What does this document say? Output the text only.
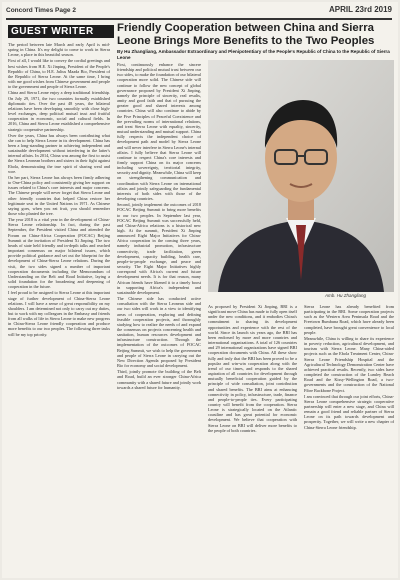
Concord Times Page 2	APRIL 23rd 2019
GUEST WRITER	Friendly Cooperation between China and Sierra Leone Brings More Benefits to the Two Peoples
By Hu Zhangliang, Ambassador Extraordinary and Plenipotentiary of the People's Republic of China to the Republic of Sierra Leone

The period between late March and early April is mid-spring in China. It's my delight to come to work in Sierra Leone, a place in this beautiful season.

First of all, I would like to convey the cordial greetings and best wishes from H.E. Xi Jinping, President of the People's Republic of China, to H.E. Julius Maada Bio, President of the Republic of Sierra Leone. At the same time, I bring with me good wishes from Chinese government and people to the government and people of Sierra Leone.

China and Sierra Leone enjoy a deep traditional friendship. On July 29, 1971, the two countries formally established diplomatic ties. Over the past 48 years, the bilateral relations have been developing smoothly with close high-level exchanges, deep political mutual trust and fruitful cooperation in economic, social and cultural fields. In 2016, China and Sierra Leone established a comprehensive strategic cooperative partnership.

Over the years, China has always been contributing what she can to help Sierra Leone in its development. China has been a long-standing partner in achieving independent and sustainable development without interfering in the latter's internal affairs. In 2014, China was among the first to assist the Sierra Leonean brothers and sisters in their fight against Ebola, demonstrating the true spirit of sharing weal and woe.

On her part, Sierra Leone has always been firmly adhering to One-China policy and consistently giving her support on issues related to China's core interests and major concerns. The Chinese people will never forget that Sierra Leone and other friendly countries that helped China restore her legitimate seat in the United Nations in 1971. As Chinese saying goes, when you eat fruit, you should remember those who planted the tree.

The year 2018 is a vital year in the development of China-Sierra Leone relationship. In fact, during the past September, the President visited China and attended the Forum on China-Africa Cooperation (FOCAC) Beijing Summit at the invitation of President Xi Jinping. The two heads of state held friendly and in-depth talks and reached important consensus on major bilateral issues, which provide political guidance and set out the blueprint for the development of China-Sierra Leone relations. During the visit, the two sides signed a number of important cooperation documents including the Memorandum of Understanding on the Belt and Road Initiative, laying a solid foundation for the broadening and deepening of cooperation in the future.

I feel proud to be assigned to Sierra Leone at this important stage of further development of China-Sierra Leone relations. I will have a sense of great responsibility on my shoulders. I am determined not only to carry out my duties, but to work with my colleagues in the Embassy and friends from all walks of life in Sierra Leone to make new progress in China-Sierra Leone friendly cooperation and produce more benefits to our two peoples. The following three tasks will be my top priority.

First, continuously enhance the sincere friendship and political mutual trust between our two sides, to make the foundation of our bilateral cooperation more solid. The Chinese side will continue to follow the new concept of global governance proposed by President Xi Jinping, namely the principle of sincerity, real results, amity and good faith and that of pursuing the greater good and shared interests among countries. China will also continue to abide by the Five Principles of Peaceful Coexistence and the prevailing norms of international relations, and treat Sierra Leone with equality, sincerity, mutual understanding and mutual support. China fully respects the independent choice of development path and model by Sierra Leone and will never interfere in Sierra Leone's internal affairs. I fully believe that Sierra Leone will continue to respect China's core interests and firmly support China on its major concerns including sovereignty, territorial integrity, security and dignity. Meanwhile, China will keep on strengthening communication and coordination with Sierra Leone on international affairs and jointly safeguarding the fundamental interests of both sides with those of the developing countries.

Second, jointly implement the outcomes of 2018 FOCAC Beijing Summit to bring more benefits to our two peoples. In September last year, FOCAC Beijing Summit was successfully held, and China-Africa relations is a historical new high. At the summit, President Xi Jinping announced Eight Major Initiatives for China-Africa cooperation in the coming three years, namely industrial promotion, infrastructure connectivity, trade facilitation, green development, capacity building, health care, people-to-people exchange, and peace and security. The Eight Major Initiatives highly correspond with Africa's current and future development needs. It is for that reason, many African friends have likened it to a timely boost in supporting Africa's independent and sustainable development.

The Chinese side has conducted active consultation with the Sierra Leonean side and our two sides will work in a view to identifying areas of cooperation, exploring and defining feasible cooperation projects, and thoroughly studying how to realize the needs of and expand the consensus on projects concerning health and sanitation, human resources development and infrastructure construction. Through the implementation of the outcomes of FOCAC Beijing Summit, we wish to help the government and people of Sierra Leone in carrying out the New Direction Agenda proposed by President Bio for economy and social development.

Third, jointly promote the building of the Belt and Road, build an ever stronger China-Africa community with a shared future and jointly work towards a shared future for humanity.

Amb. Hu Zhangliang

As proposed by President Xi Jinping, BRI is a significant move China has made to fully open itself under the new conditions, and it embodies China's commitment to sharing its development opportunities and experience with the rest of the world. Since its launch six years ago, the BRI has been endorsed by more and more countries and international organizations. A total of 126 countries and 29 international organizations have signed BRI cooperation documents with China. All these show fully and truly that the BRI has been proved to be a popular and win-win cooperation along with the trend of our times, and responds to the shared aspiration of all countries for development through mutually beneficial cooperation guided by the principle of wide consultation, joint contribution and shared benefits. The BRI aims at enhancing connectivity in policy, infrastructure, trade, finance and people-to-people ties. Every participating country will benefit from the cooperation. Sierra Leone is strategically located on the Atlantic coastline and has great potential for economic development. We believe that cooperation with Sierra Leone on BRI will deliver more benefits to the people of both countries.

Sierra Leone has already benefited from participating in the BRI. Some cooperation projects such as the Western Area Peninsula Road and the Freetown Bumbuna Road, which have already been completed, have brought great convenience to local people.

Meanwhile, China is willing to share its experience in poverty reduction, agricultural development, and tourism with Sierra Leone. Many China-aided projects such as the Ebola Treatment Center, China-Sierra Leone Friendship Hospital and the Agricultural Technology Demonstration Center have achieved practical results. Recently, two sides have completed the construction of the Lumley Beach Road and the Kissy-Wellington Road, a two-governments and the construction of the National Fibre Backbone Project.

I am convinced that through our joint efforts, China-Sierra Leone comprehensive strategic cooperative partnership will enter a new stage, and China will remain a good friend and reliable partner of Sierra Leone on its path towards development and prosperity. Together, we will write a new chapter of China-Sierra Leone friendship.
